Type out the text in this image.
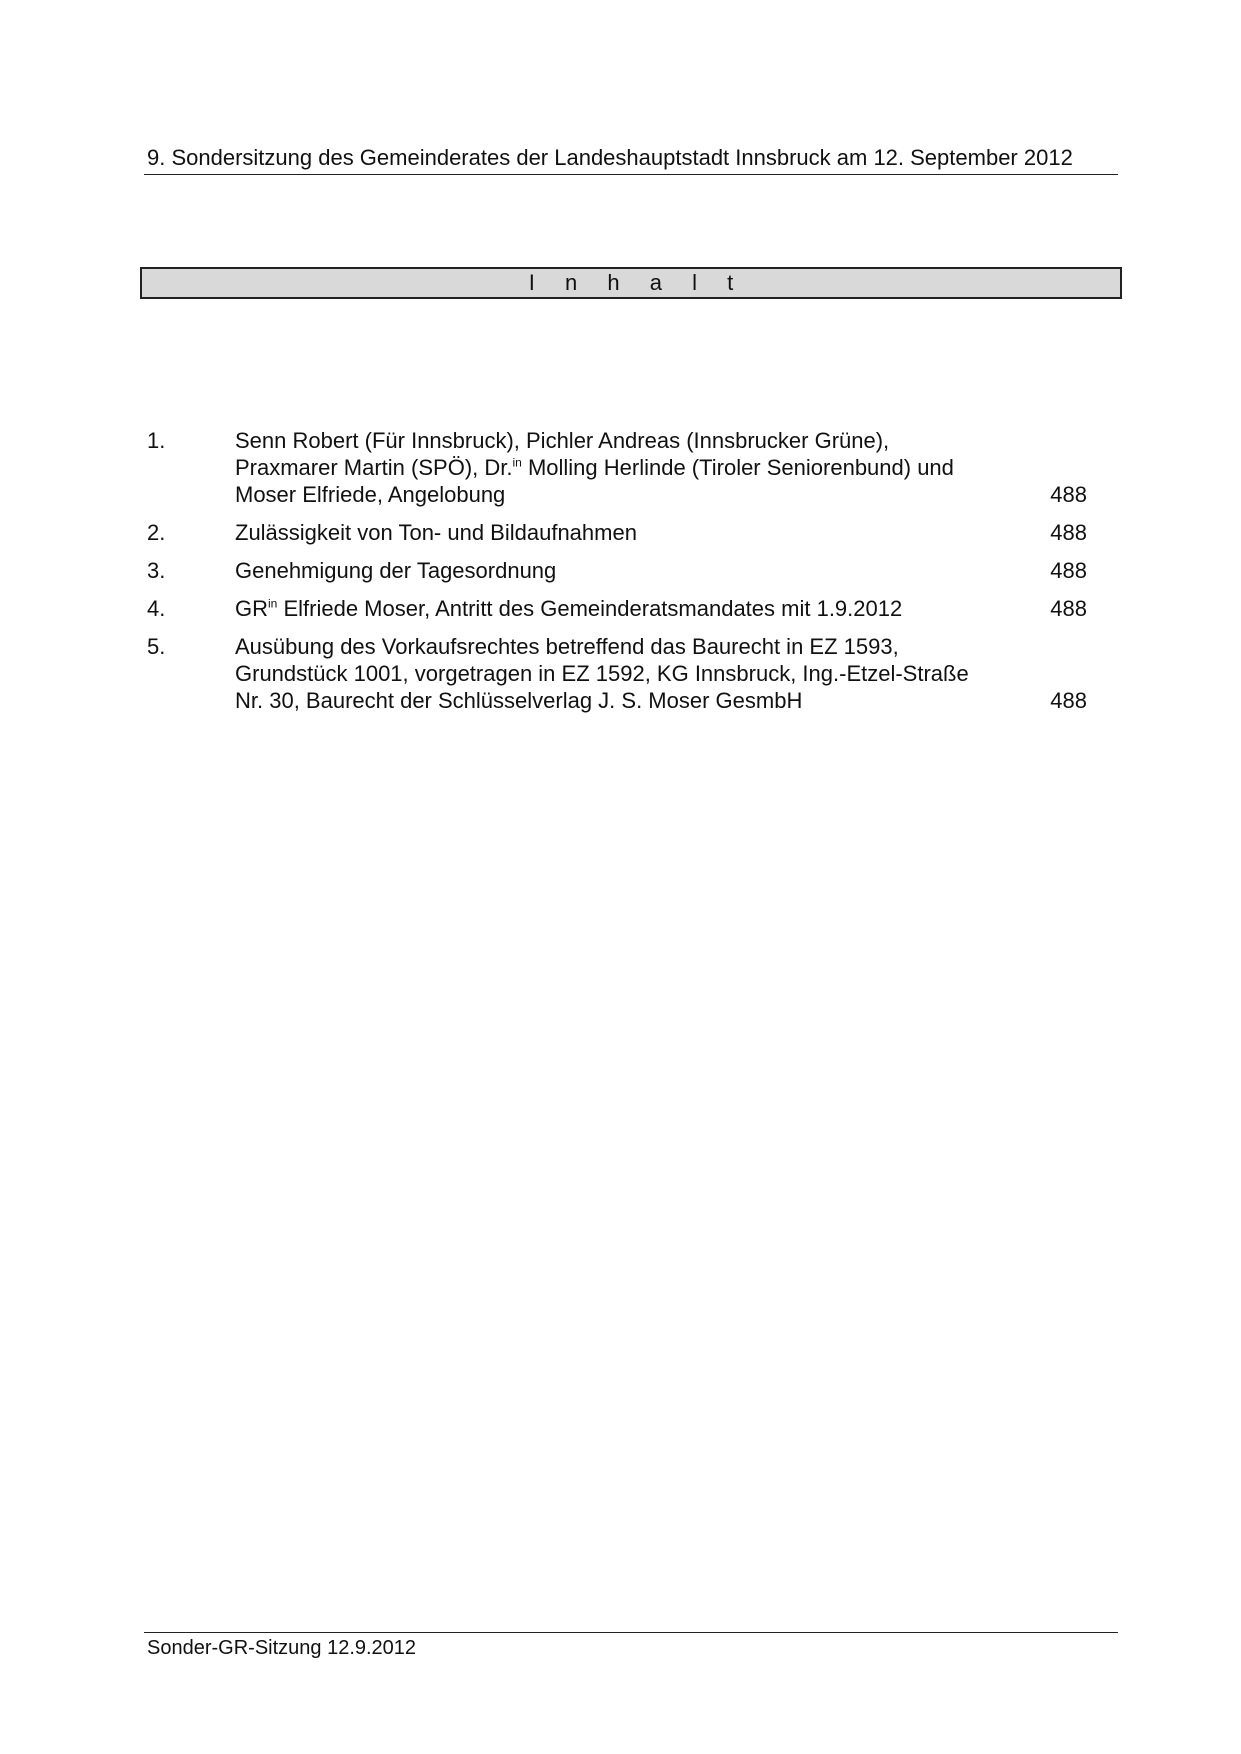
9. Sondersitzung des Gemeinderates der Landeshauptstadt Innsbruck am 12. September 2012
I n h a l t
1.	Senn Robert (Für Innsbruck), Pichler Andreas (Innsbrucker Grüne),
Praxmarer Martin (SPÖ), Dr.$^{in}$ Molling Herlinde (Tiroler Seniorenbund) und
Moser Elfriede, Angelobung	488
2.	Zulässigkeit von Ton- und Bildaufnahmen	488
3.	Genehmigung der Tagesordnung	488
4.	$GR^{in}$ Elfriede Moser, Antritt des Gemeinderatsmandates mit 1.9.2012	488
5.	Ausübung des Vorkaufsrechtes betreffend das Baurecht in EZ 1593,
Grundstück 1001, vorgetragen in EZ 1592, KG Innsbruck, Ing.-Etzel-Straße
Nr. 30, Baurecht der Schlüsselverlag J. S. Moser GesmbH	488
Sonder-GR-Sitzung 12.9.2012
